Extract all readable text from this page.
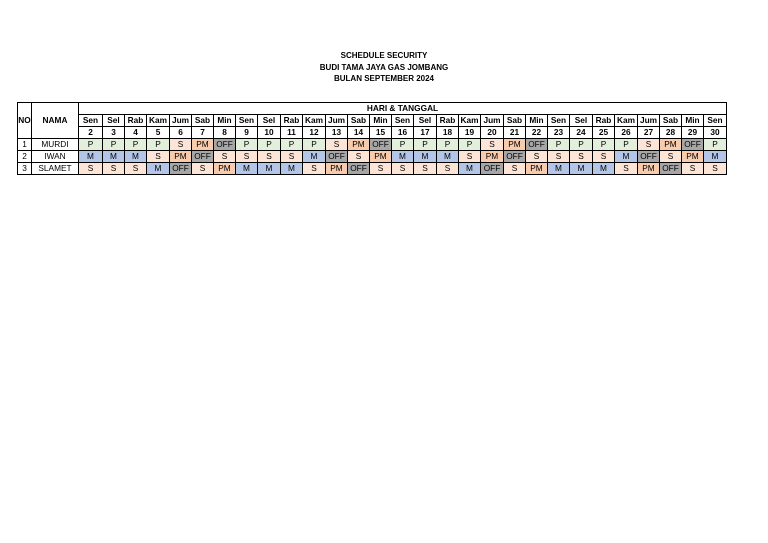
SCHEDULE SECURITY
BUDI TAMA JAYA GAS JOMBANG
BULAN SEPTEMBER 2024
NO	NAMA	HARI & TANGGAL																												
		Sen	Sel	Rab	Kam	Jum	Sab	Min	Sen	Sel	Rab	Kam	Jum	Sab	Min	Sen	Sel	Rab	Kam	Jum	Sab	Min	Sen	Sel	Rab	Kam	Jum	Sab	Min	Sen
		2	3	4	5	6	7	8	9	10	11	12	13	14	15	16	17	18	19	20	21	22	23	24	25	26	27	28	29	30
1	MURDI	P	P	P	P	S	PM	OFF	P	P	P	P	S	PM	OFF	P	P	P	P	S	PM	OFF	P	P	P	P	S	PM	OFF	P
2	IWAN	M	M	M	S	PM	OFF	S	S	S	S	M	OFF	S	PM	M	M	M	S	PM	OFF	S	S	S	S	M	OFF	S	PM	M
3	SLAMET	S	S	S	M	OFF	S	PM	M	M	M	S	PM	OFF	S	S	S	S	M	OFF	S	PM	M	M	M	S	PM	OFF	S	S
